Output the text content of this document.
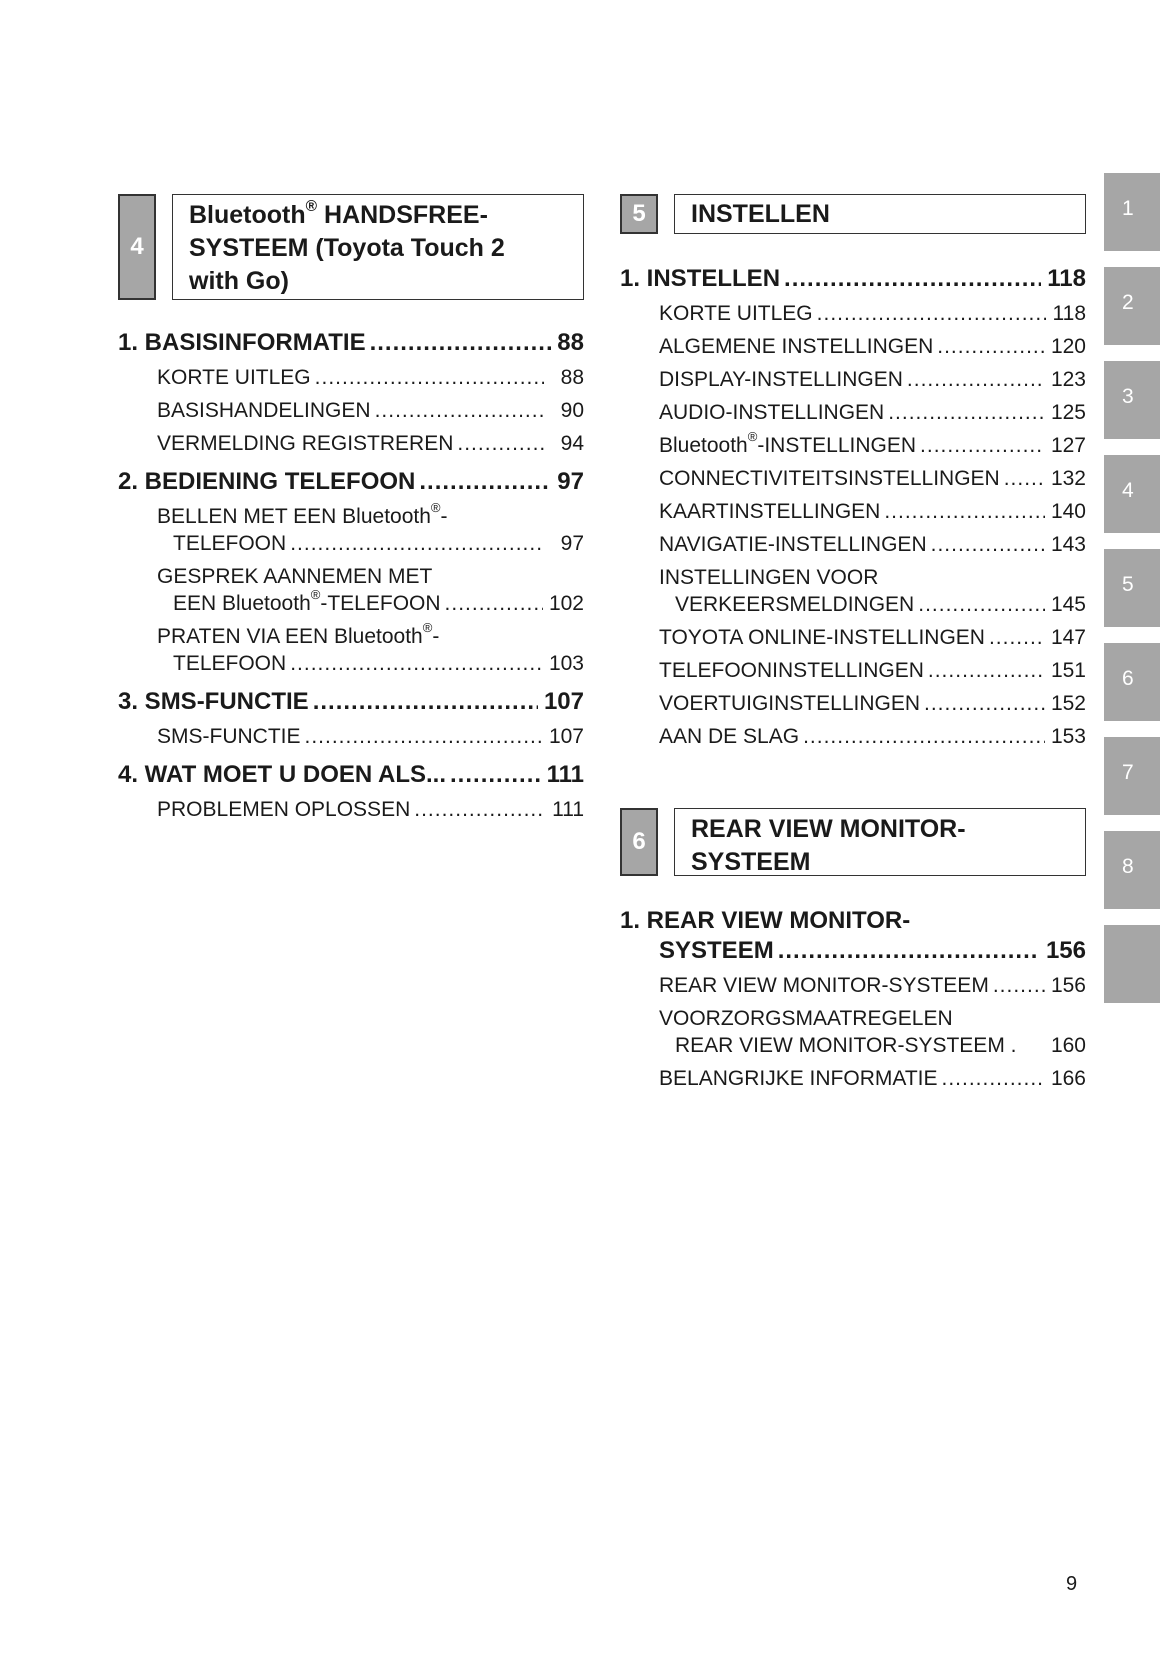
4
Bluetooth® HANDSFREE-
SYSTEEM (Toyota Touch 2
with Go)
1. BASISINFORMATIE .....	88
KORTE UITLEG .....	88
BASISHANDELINGEN .....	90
VERMELDING REGISTREREN .....	94
2. BEDIENING TELEFOON .....	97
BELLEN MET EEN Bluetooth®-
TELEFOON .....	97
GESPREK AANNEMEN MET
EEN Bluetooth®-TELEFOON .....	102
PRATEN VIA EEN Bluetooth®-
TELEFOON .....	103
3. SMS-FUNCTIE .....	107
SMS-FUNCTIE .....	107
4. WAT MOET U DOEN ALS... .....	111
PROBLEMEN OPLOSSEN .....	111
5	INSTELLEN
1. INSTELLEN .....	118
KORTE UITLEG .....	118
ALGEMENE INSTELLINGEN .....	120
DISPLAY-INSTELLINGEN .....	123
AUDIO-INSTELLINGEN .....	125
Bluetooth®-INSTELLINGEN .....	127
CONNECTIVITEITSINSTELLINGEN ..... 132
KAARTINSTELLINGEN .....	140
NAVIGATIE-INSTELLINGEN .....	143
INSTELLINGEN VOOR
VERKEERSMELDINGEN .....	145
TOYOTA ONLINE-INSTELLINGEN .....	147
TELEFOONINSTELLINGEN .....	151
VOERTUIGINSTELLINGEN .....	152
AAN DE SLAG .....	153
6	REAR VIEW MONITOR-
SYSTEEM
1. REAR VIEW MONITOR-
SYSTEEM .....	156
REAR VIEW MONITOR-SYSTEEM .....	156
VOORZORGSMAATREGELEN
REAR VIEW MONITOR-SYSTEEM . 160
BELANGRIJKE INFORMATIE .....	166
1
2
3
4
5
6
7
8
9
